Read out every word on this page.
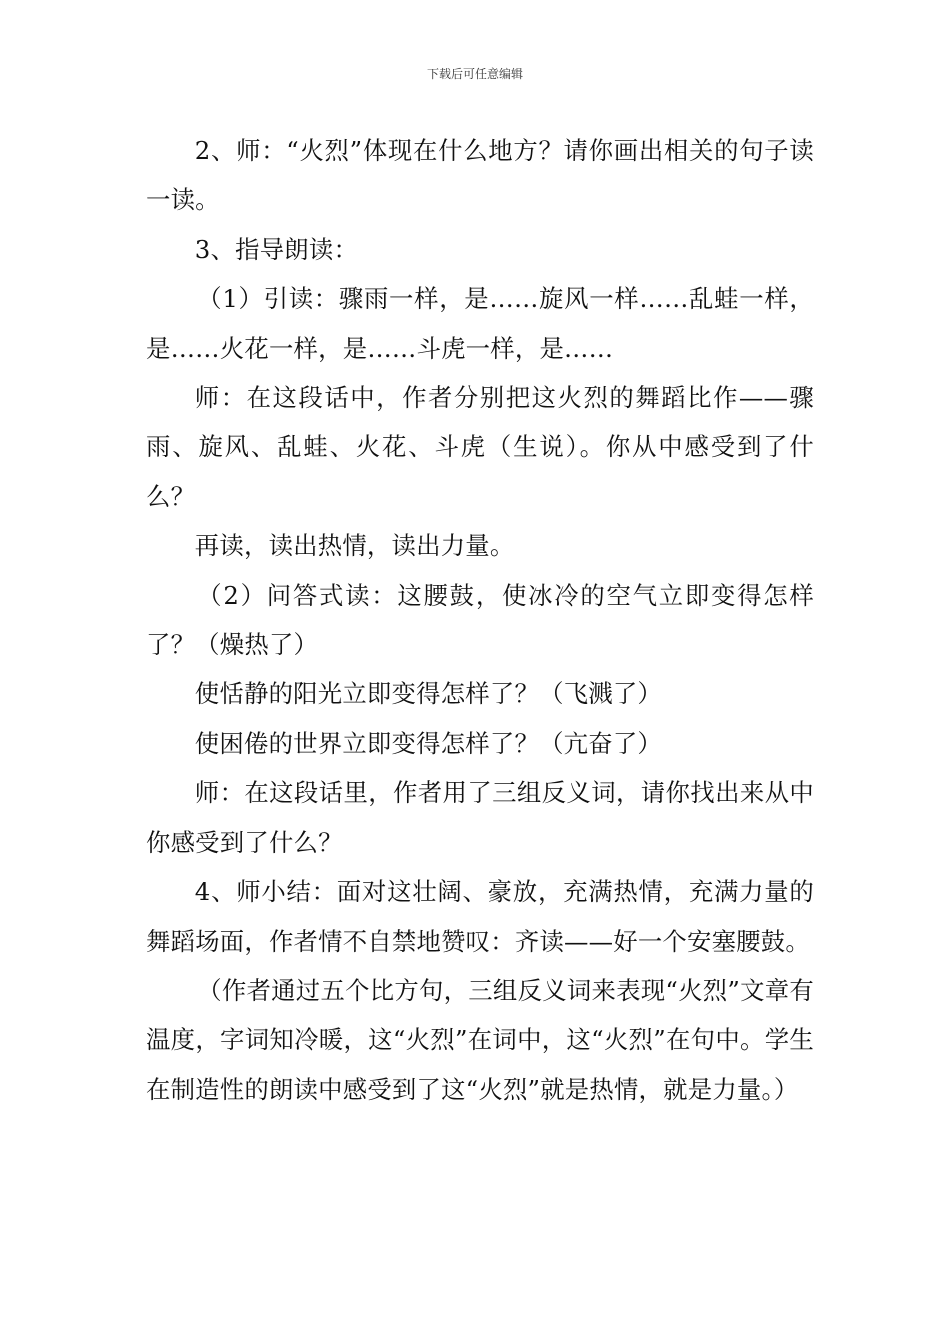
下载后可任意编辑

2、师：“火烈”体现在什么地方？请你画出相关的句子读一读。

3、指导朗读：

（1）引读：骤雨一样，是……旋风一样……乱蛙一样，是……火花一样，是……斗虎一样，是……

师：在这段话中，作者分别把这火烈的舞蹈比作——骤雨、旋风、乱蛙、火花、斗虎（生说）。你从中感受到了什么？

再读，读出热情，读出力量。

（2）问答式读：这腰鼓，使冰冷的空气立即变得怎样了？（燥热了）

使恬静的阳光立即变得怎样了？（飞溅了）

使困倦的世界立即变得怎样了？（亢奋了）

师：在这段话里，作者用了三组反义词，请你找出来从中你感受到了什么？

4、师小结：面对这壮阔、豪放，充满热情，充满力量的舞蹈场面，作者情不自禁地赞叹：齐读——好一个安塞腰鼓。

（作者通过五个比方句，三组反义词来表现“火烈”文章有温度，字词知冷暖，这“火烈”在词中，这“火烈”在句中。学生在制造性的朗读中感受到了这“火烈”就是热情，就是力量。）
